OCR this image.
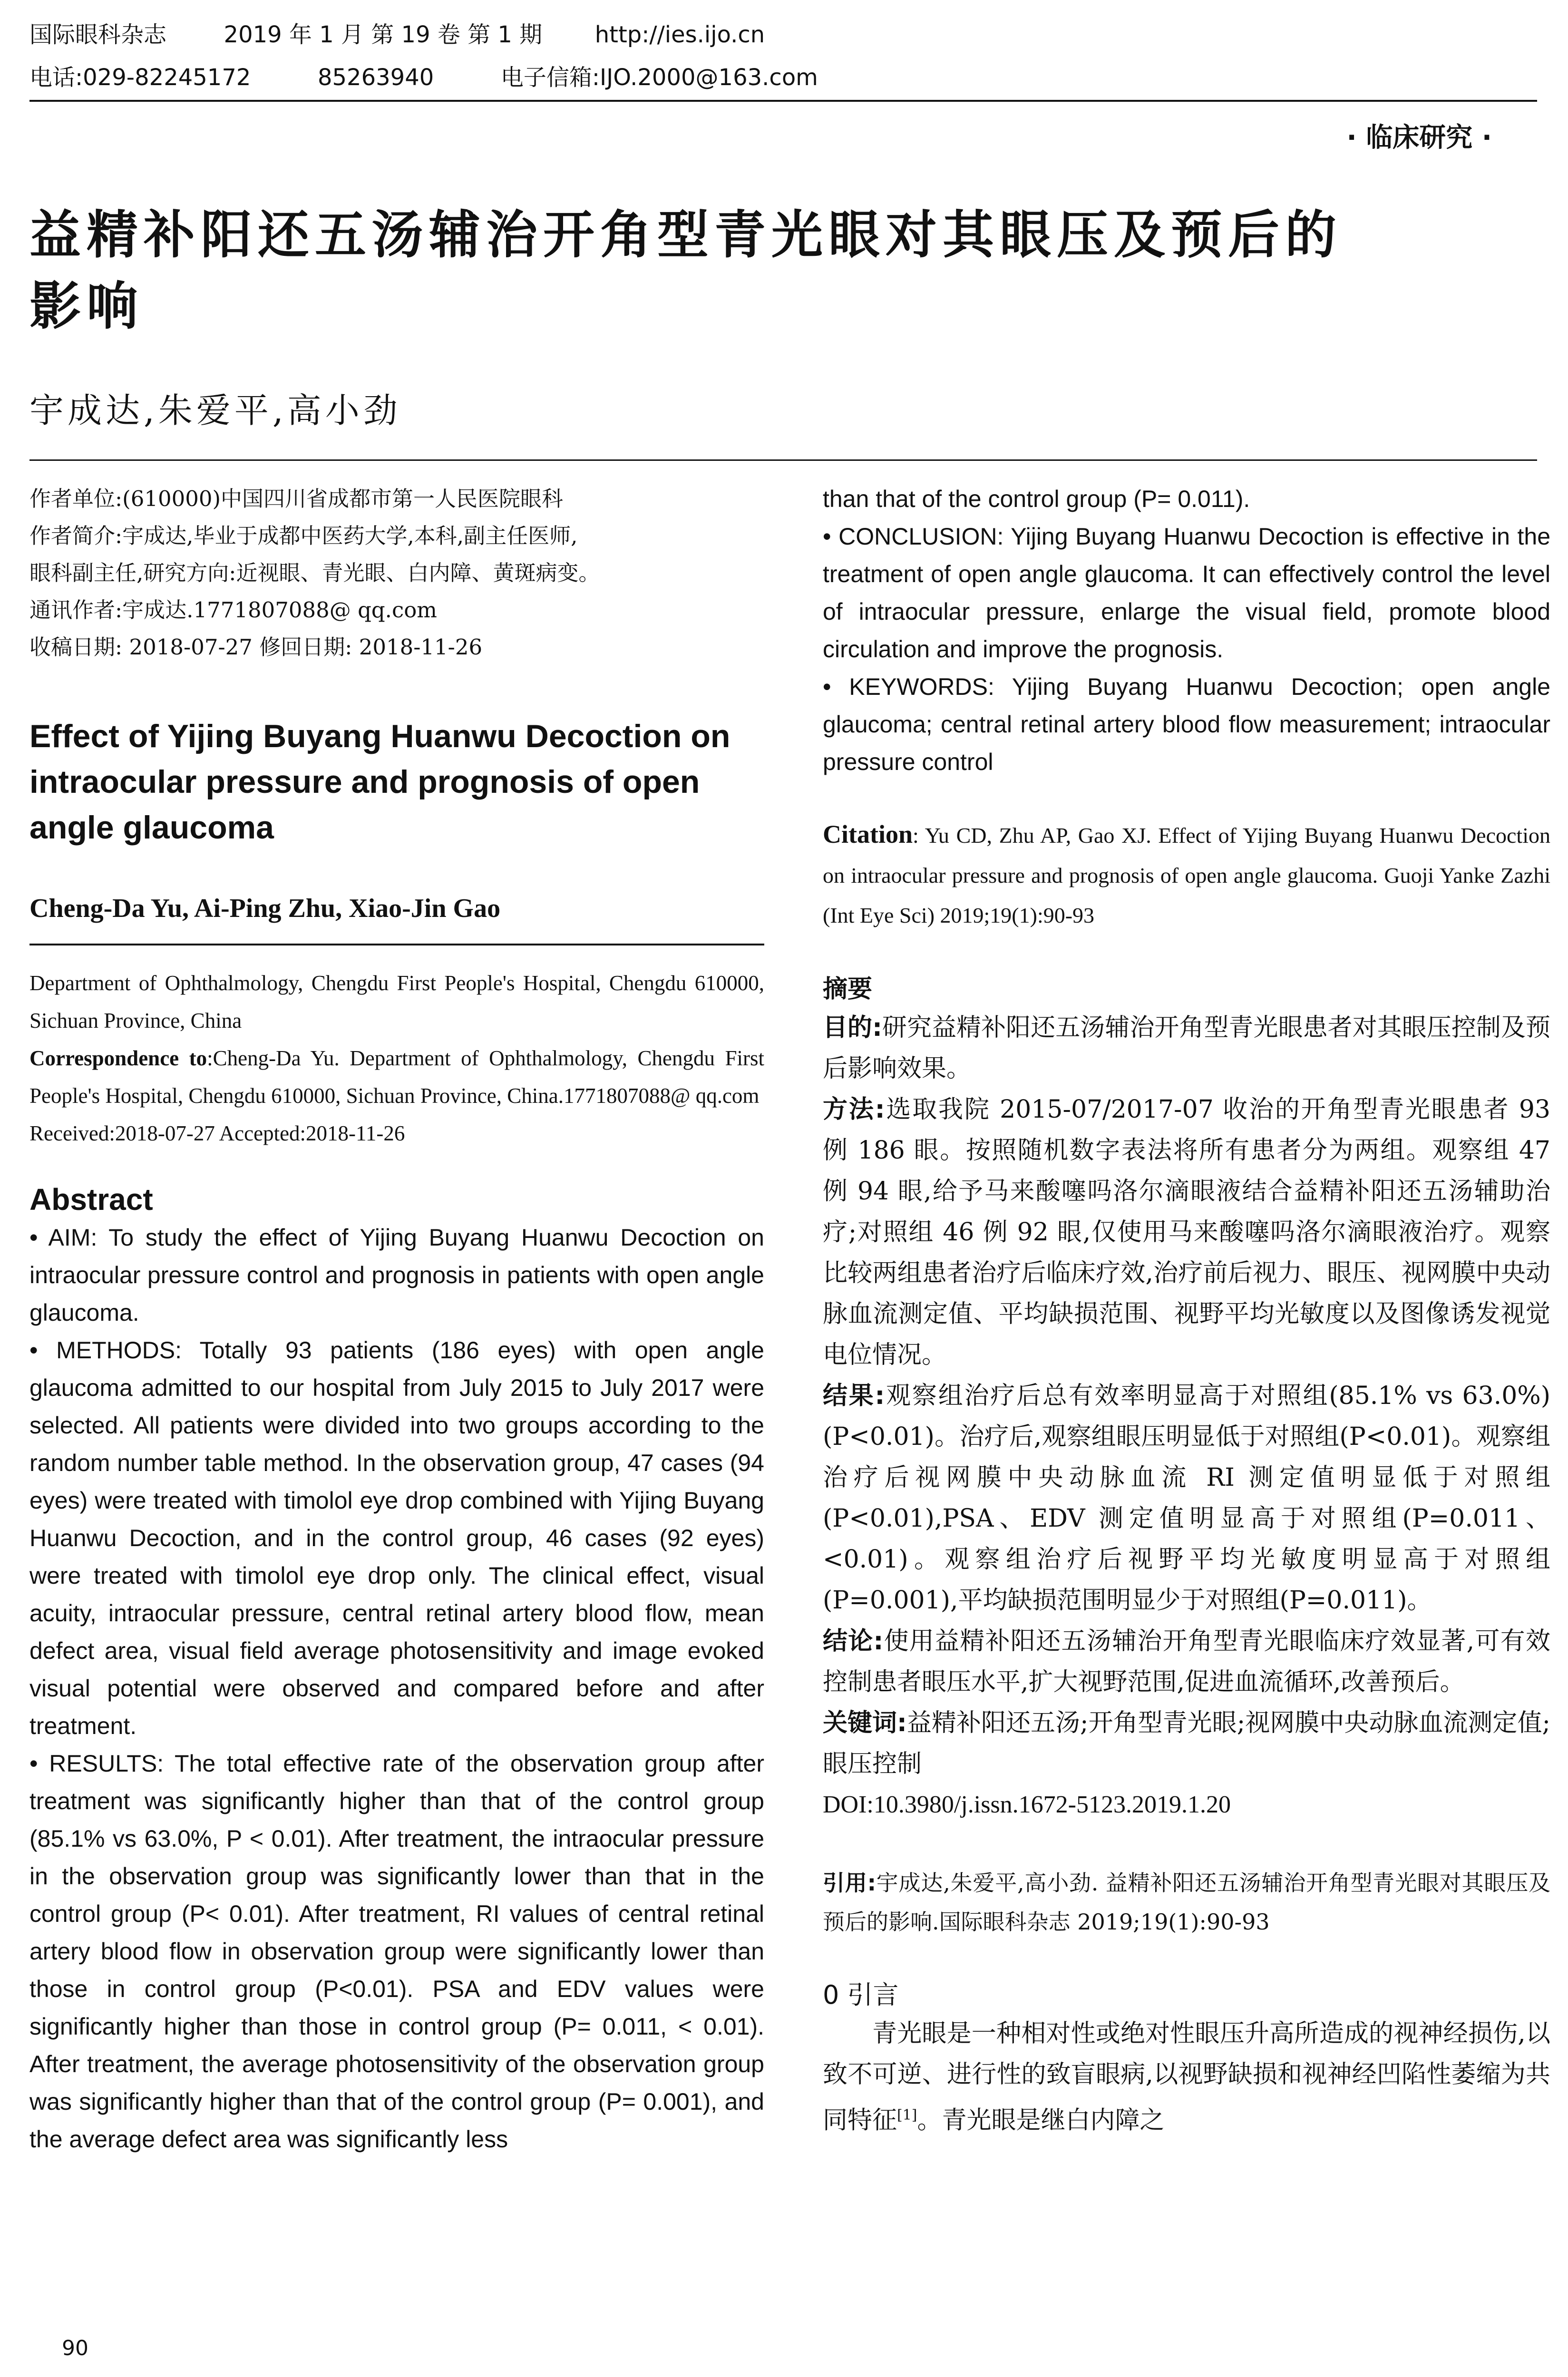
国际眼科杂志	2019 年 1 月 第 19 卷 第 1 期 http://ies.ijo.cn
电话:029-82245172	85263940	电子信箱:IJO.2000@163.com
· 临床研究 ·
益精补阳还五汤辅治开角型青光眼对其眼压及预后的
影响
宇成达,朱爱平,高小劲

作者单位:(610000)中国四川省成都市第一人民医院眼科

作者简介:宇成达,毕业于成都中医药大学,本科,副主任医师,

眼科副主任,研究方向:近视眼、青光眼、白内障、黄斑病变。

通讯作者:宇成达.1771807088@ qq.com

收稿日期: 2018-07-27 修回日期: 2018-11-26

Effect of Yijing Buyang Huanwu Decoction on intraocular pressure and prognosis of open angle glaucoma
Cheng-Da Yu, Ai-Ping Zhu, Xiao-Jin Gao

Department of Ophthalmology, Chengdu First People's Hospital, Chengdu 610000, Sichuan Province, China

Correspondence to:Cheng-Da Yu. Department of Ophthalmology, Chengdu First People's Hospital, Chengdu 610000, Sichuan Province, China.1771807088@ qq.com

Received:2018-07-27 Accepted:2018-11-26

Abstract

• AIM: To study the effect of Yijing Buyang Huanwu Decoction on intraocular pressure control and prognosis in patients with open angle glaucoma.

• METHODS: Totally 93 patients (186 eyes) with open angle glaucoma admitted to our hospital from July 2015 to July 2017 were selected. All patients were divided into two groups according to the random number table method. In the observation group, 47 cases (94 eyes) were treated with timolol eye drop combined with Yijing Buyang Huanwu Decoction, and in the control group, 46 cases (92 eyes) were treated with timolol eye drop only. The clinical effect, visual acuity, intraocular pressure, central retinal artery blood flow, mean defect area, visual field average photosensitivity and image evoked visual potential were observed and compared before and after treatment.

• RESULTS: The total effective rate of the observation group after treatment was significantly higher than that of the control group (85.1% vs 63.0%, P < 0.01). After treatment, the intraocular pressure in the observation group was significantly lower than that in the control group (P< 0.01). After treatment, RI values of central retinal artery blood flow in observation group were significantly lower than those in control group (P<0.01). PSA and EDV values were significantly higher than those in control group (P= 0.011, < 0.01). After treatment, the average photosensitivity of the observation group was significantly higher than that of the control group (P= 0.001), and the average defect area was significantly less

than that of the control group (P= 0.011).

• CONCLUSION: Yijing Buyang Huanwu Decoction is effective in the treatment of open angle glaucoma. It can effectively control the level of intraocular pressure, enlarge the visual field, promote blood circulation and improve the prognosis.

• KEYWORDS: Yijing Buyang Huanwu Decoction; open angle glaucoma; central retinal artery blood flow measurement; intraocular pressure control

Citation: Yu CD, Zhu AP, Gao XJ. Effect of Yijing Buyang Huanwu Decoction on intraocular pressure and prognosis of open angle glaucoma. Guoji Yanke Zazhi (Int Eye Sci) 2019;19(1):90-93
摘要

目的:研究益精补阳还五汤辅治开角型青光眼患者对其眼压控制及预后影响效果。

方法:选取我院 2015-07/2017-07 收治的开角型青光眼患者 93 例 186 眼。按照随机数字表法将所有患者分为两组。观察组 47 例 94 眼,给予马来酸噻吗洛尔滴眼液结合益精补阳还五汤辅助治疗;对照组 46 例 92 眼,仅使用马来酸噻吗洛尔滴眼液治疗。观察比较两组患者治疗后临床疗效,治疗前后视力、眼压、视网膜中央动脉血流测定值、平均缺损范围、视野平均光敏度以及图像诱发视觉电位情况。

结果:观察组治疗后总有效率明显高于对照组(85.1% vs 63.0%)(P<0.01)。治疗后,观察组眼压明显低于对照组(P<0.01)。观察组治疗后视网膜中央动脉血流 RI 测定值明显低于对照组(P<0.01),PSA、EDV 测定值明显高于对照组(P=0.011、<0.01)。观察组治疗后视野平均光敏度明显高于对照组(P=0.001),平均缺损范围明显少于对照组(P=0.011)。

结论:使用益精补阳还五汤辅治开角型青光眼临床疗效显著,可有效控制患者眼压水平,扩大视野范围,促进血流循环,改善预后。

关键词:益精补阳还五汤;开角型青光眼;视网膜中央动脉血流测定值;眼压控制

DOI:10.3980/j.issn.1672-5123.2019.1.20

引用:宇成达,朱爱平,高小劲. 益精补阳还五汤辅治开角型青光眼对其眼压及预后的影响.国际眼科杂志 2019;19(1):90-93
0 引言
青光眼是一种相对性或绝对性眼压升高所造成的视神经损伤,以致不可逆、进行性的致盲眼病,以视野缺损和视神经凹陷性萎缩为共同特征[1]。青光眼是继白内障之
90
